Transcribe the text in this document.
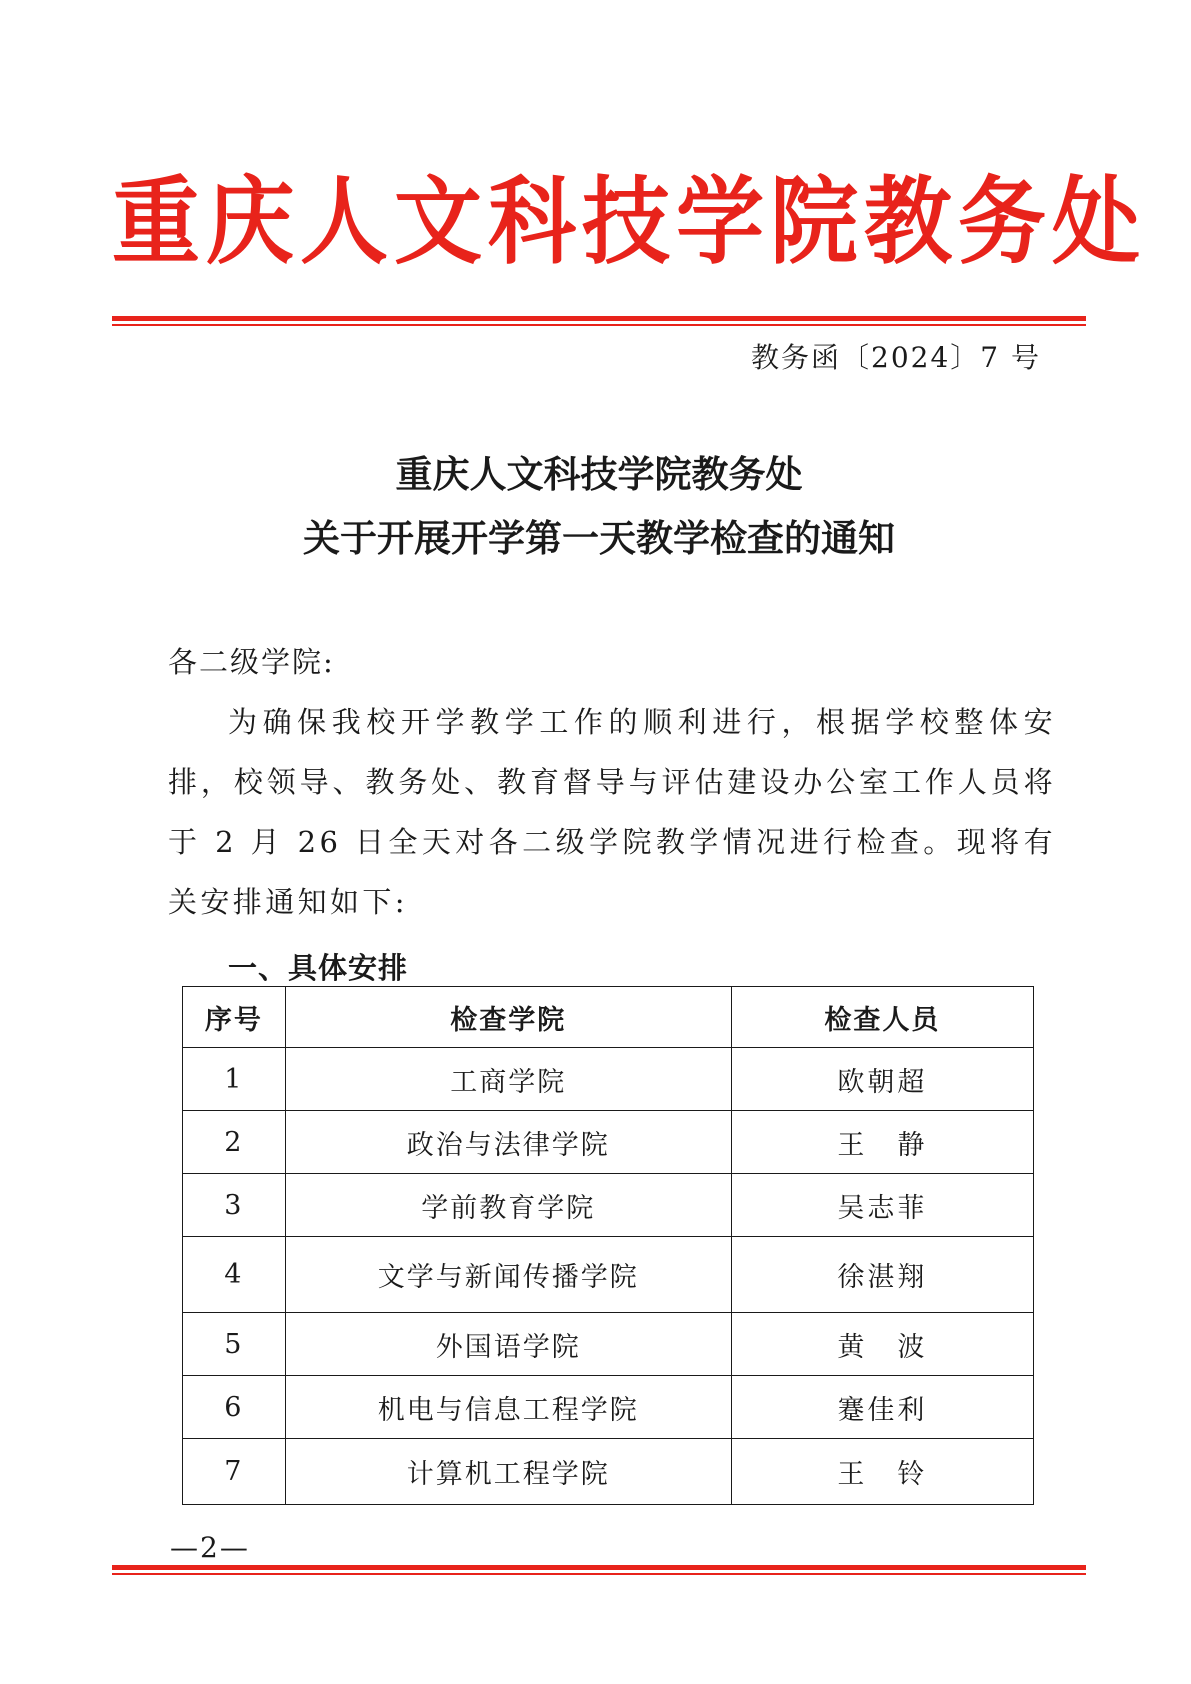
重庆人文科技学院教务处
教务函〔2024〕7 号
重庆人文科技学院教务处
关于开展开学第一天教学检查的通知
各二级学院:
为确保我校开学教学工作的顺利进行，根据学校整体安排，校领导、教务处、教育督导与评估建设办公室工作人员将于 2 月 26 日全天对各二级学院教学情况进行检查。现将有关安排通知如下:
一、具体安排
序号	检查学院	检查人员
1	工商学院	欧朝超
2	政治与法律学院	王　静
3	学前教育学院	吴志菲
4	文学与新闻传播学院	徐湛翔
5	外国语学院	黄　波
6	机电与信息工程学院	蹇佳利
7	计算机工程学院	王　铃
—2—
